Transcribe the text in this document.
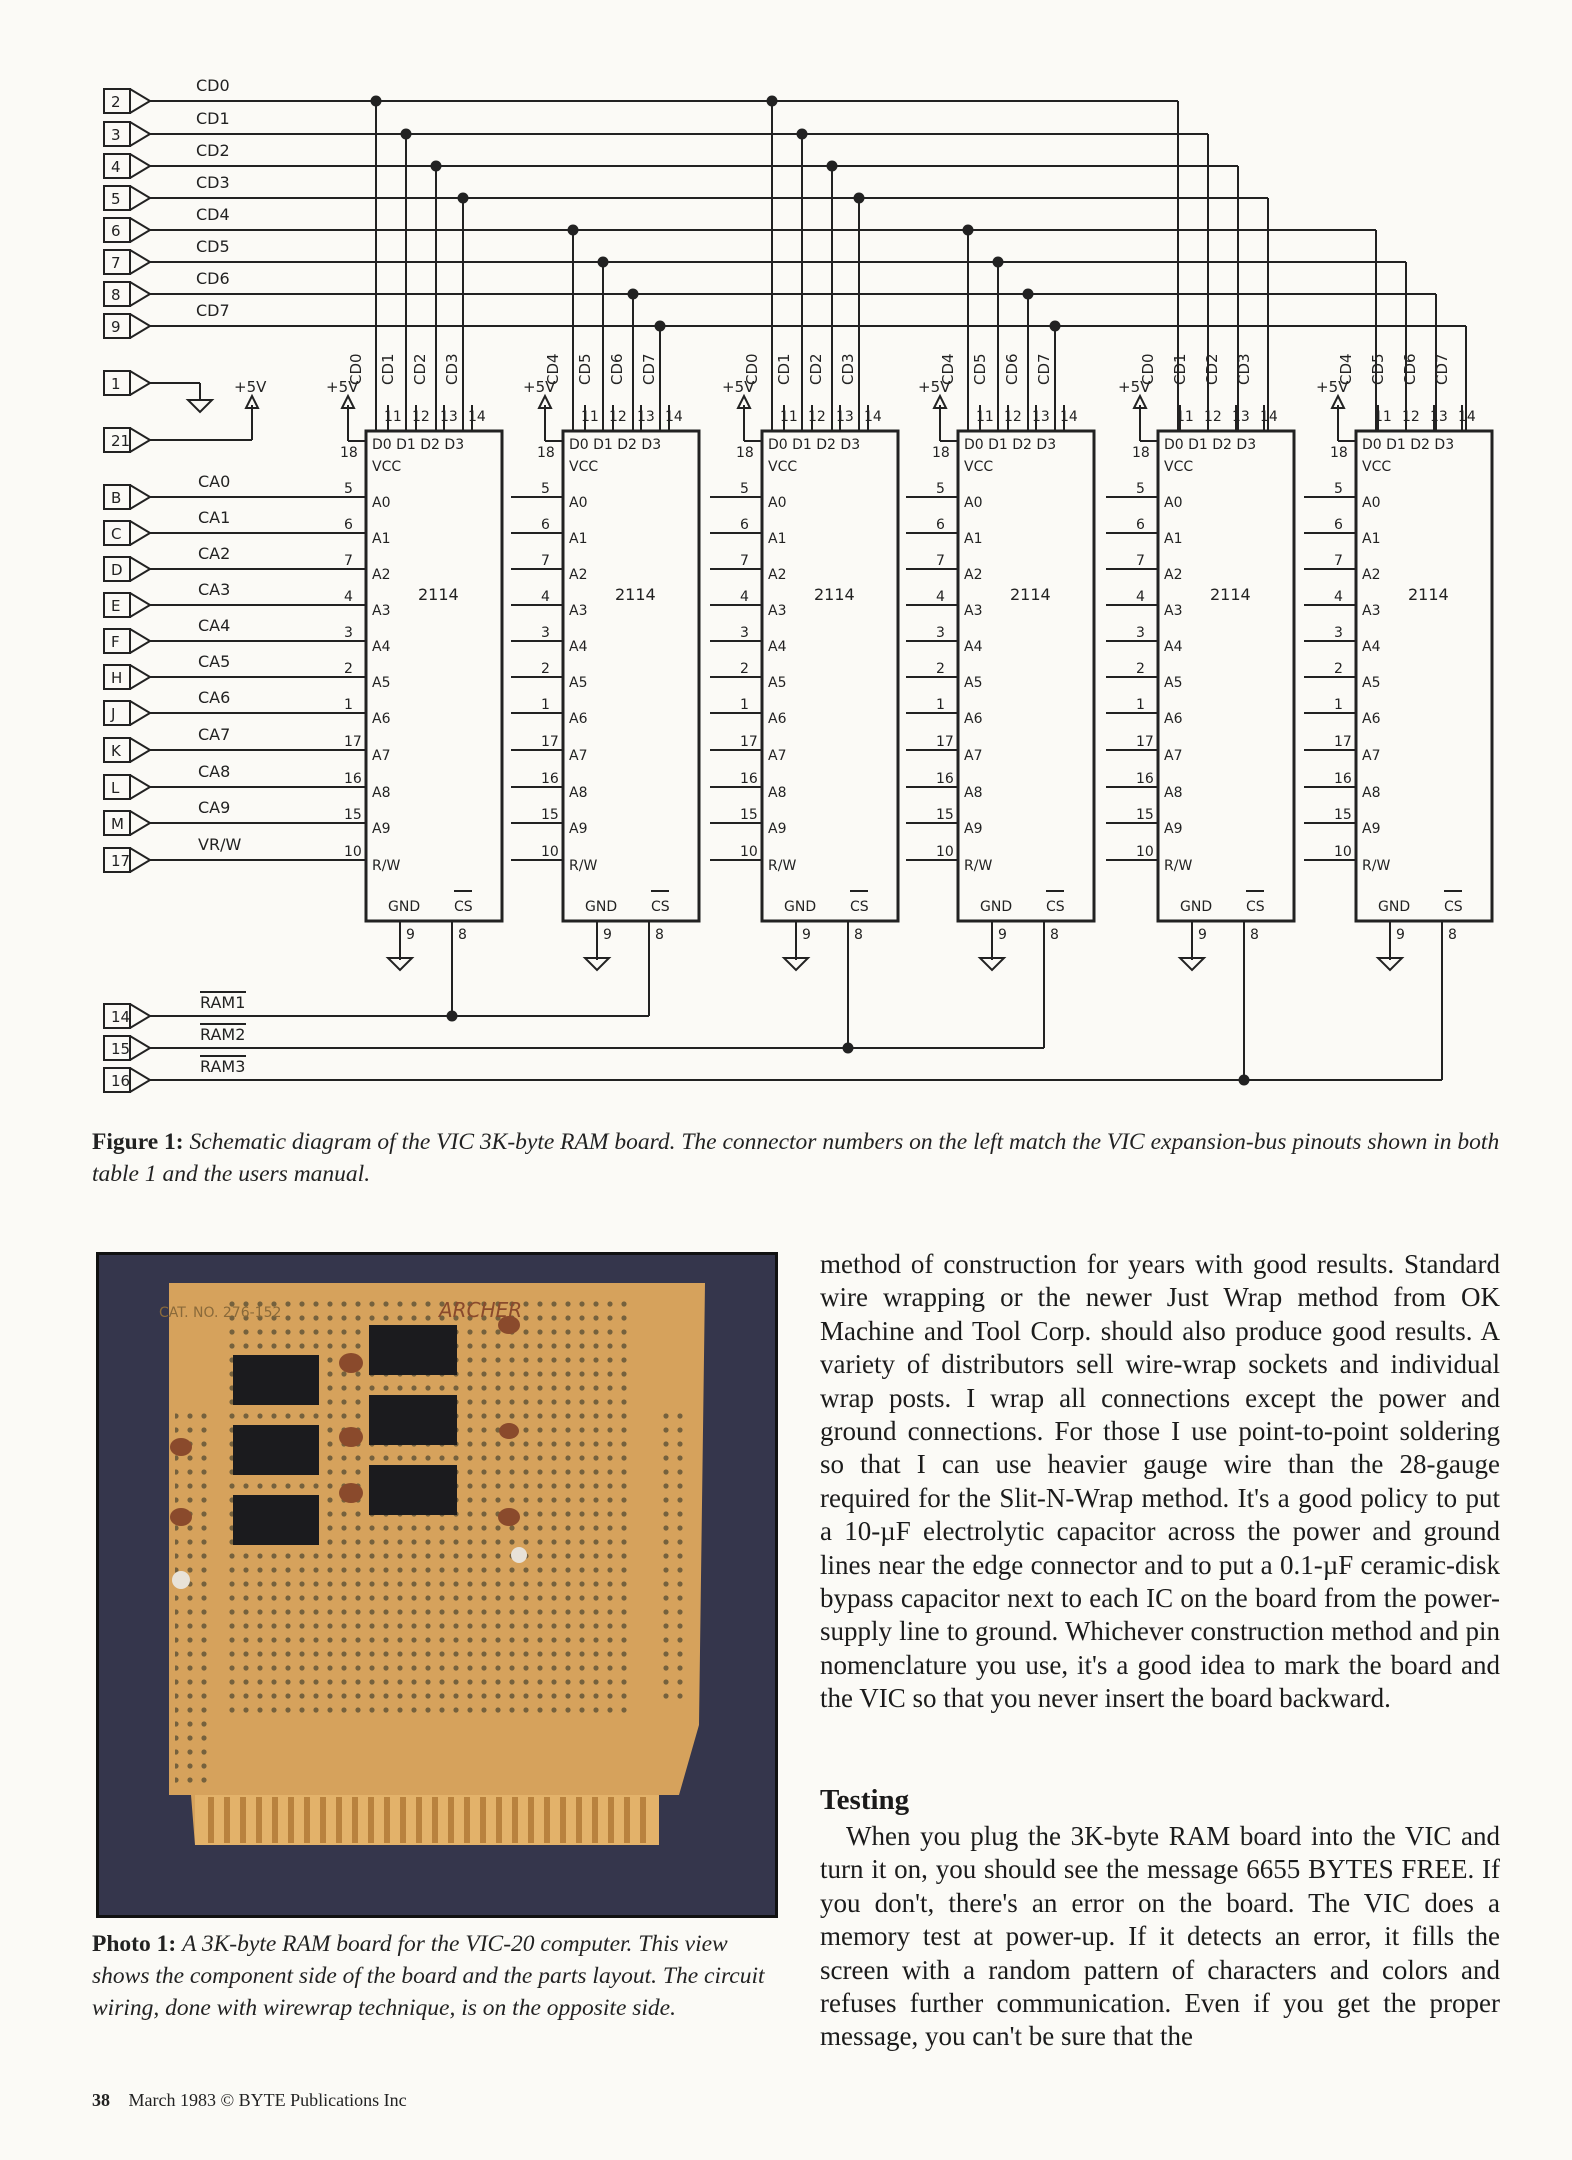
2
CD0
3
CD1
4
CD2
5
CD3
6
CD4
7
CD5
8
CD6
9
CD7
1
21
+5V
B
CA0
C
CA1
D
CA2
E
CA3
F
CA4
H
CA5
J
CA6
K
CA7
L
CA8
M
CA9
17
VR/W
D0 D1 D2 D3
VCC
2114
18
+5V
11
CD0
12
CD1
13
CD2
14
CD3
A0
5
A1
6
A2
7
A3
4
A4
3
A5
2
A6
1
A7
17
A8
16
A9
15
R/W
10
GND CS
9	8
D0 D1 D2 D3
VCC
2114
18
+5V
11
CD4
12
CD5
13
CD6
14
CD7
A0
5
A1
6
A2
7
A3
4
A4
3
A5
2
A6
1
A7
17
A8
16
A9
15
R/W
10
GND CS
9	8
D0 D1 D2 D3
VCC
2114
18
+5V
11
CD0
12
CD1
13
CD2
14
CD3
A0
5
A1
6
A2
7
A3
4
A4
3
A5
2
A6
1
A7
17
A8
16
A9
15
R/W
10
GND CS
9	8
D0 D1 D2 D3
VCC
2114
18
+5V
11
CD4
12
CD5
13
CD6
14
CD7
A0
5
A1
6
A2
7
A3
4
A4
3
A5
2
A6
1
A7
17
A8
16
A9
15
R/W
10
GND CS
9	8
D0 D1 D2 D3
VCC
2114
18
+5V
11
CD0
12
CD1
13
CD2
14
CD3
A0
5
A1
6
A2
7
A3
4
A4
3
A5
2
A6
1
A7
17
A8
16
A9
15
R/W
10
GND CS
9	8
D0 D1 D2 D3
VCC
2114
18
+5V
11
CD4
12
CD5
13
CD6
14
CD7
A0
5
A1
6
A2
7
A3
4
A4
3
A5
2
A6
1
A7
17
A8
16
A9
15
R/W
10
GND CS
9	8
14
RAM1
15
RAM2
16
RAM3
Figure 1: Schematic diagram of the VIC 3K-byte RAM board. The connector numbers on the left match the VIC expansion-bus pinouts shown in both table 1 and the users manual.
CAT. NO. 276-152	ARCHER
Photo 1: A 3K-byte RAM board for the VIC-20 computer. This view shows the component side of the board and the parts layout. The circuit wiring, done with wirewrap technique, is on the opposite side.
method of construction for years with good results. Standard wire wrapping or the newer Just Wrap method from OK Machine and Tool Corp. should also produce good results. A variety of distributors sell wire-wrap sockets and individual wrap posts. I wrap all connections except the power and ground connections. For those I use point-to-point soldering so that I can use heavier gauge wire than the 28-gauge required for the Slit-N-Wrap method. It's a good policy to put a 10-µF electrolytic capacitor across the power and ground lines near the edge connector and to put a 0.1-µF ceramic-disk bypass capacitor next to each IC on the board from the power-supply line to ground. Whichever construction method and pin nomenclature you use, it's a good idea to mark the board and the VIC so that you never insert the board backward.
Testing
When you plug the 3K-byte RAM board into the VIC and turn it on, you should see the message 6655 BYTES FREE. If you don't, there's an error on the board. The VIC does a memory test at power-up. If it detects an error, it fills the screen with a random pattern of characters and colors and refuses further communication. Even if you get the proper message, you can't be sure that the
38 March 1983 © BYTE Publications Inc
